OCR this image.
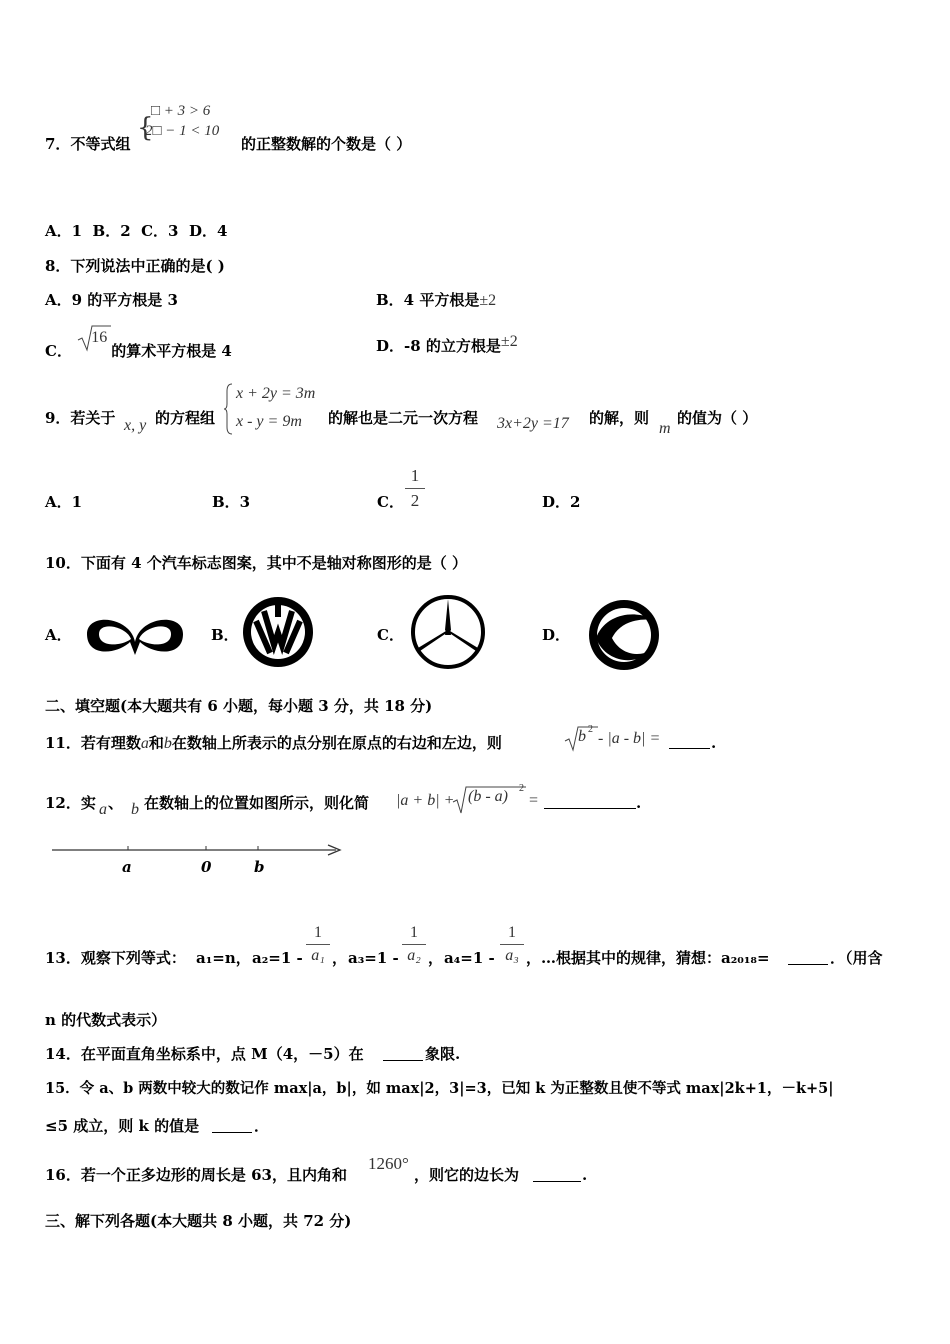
7．不等式组
{
□ + 3 > 6
2□ − 1 < 10
的正整数解的个数是（ ）
A．1 B．2 C．3 D．4
8．下列说法中正确的是( )
A．9 的平方根是 3	B．4 平方根是±2
C．
16
的算术平方根是 4	D．-8 的立方根是±2
9．若关于 x, y 的方程组
x + 2y = 3m
x - y = 9m 的解也是二元一次方程 3x+2y =17 的解，则
m
的值为（ ）
A．1	B．3	C． $\frac{1}{2}$	D．2
10．下面有 4 个汽车标志图案，其中不是轴对称图形的是（ ）
A．	B．	C．	D．
二、填空题(本大题共有 6 小题，每小题 3 分，共 18 分)
11．若有理数a和b在数轴上所表示的点分别在原点的右边和左边，则	b 2
- |a - b| =	.
12．实 a 、 b 在数轴上的位置如图所示，则化简 |a + b| + (b - a) 2
=	.
a	0	b
13．观察下列等式： a₁=n， $a_2=1 - \frac{1}{\text{a₁}}$ ， $a_3=1 - \frac{1}{\text{a₂}}$ ， $a_4=1 - \frac{1}{\text{a₃}}$ ，…根据其中的规律，猜想：a₂₀₁₈=	．（用含
n 的代数式表示）
14．在平面直角坐标系中，点 M（4，－5）在	象限.
15．令 a、b 两数中较大的数记作 max|a，b|，如 max|2，3|=3，已知 k 为正整数且使不等式 max|2k+1，－k+5|
≤5 成立，则 k 的值是	．
16．若一个正多边形的周长是 63，且内角和
1260°
，则它的边长为	.
三、解下列各题(本大题共 8 小题，共 72 分)
